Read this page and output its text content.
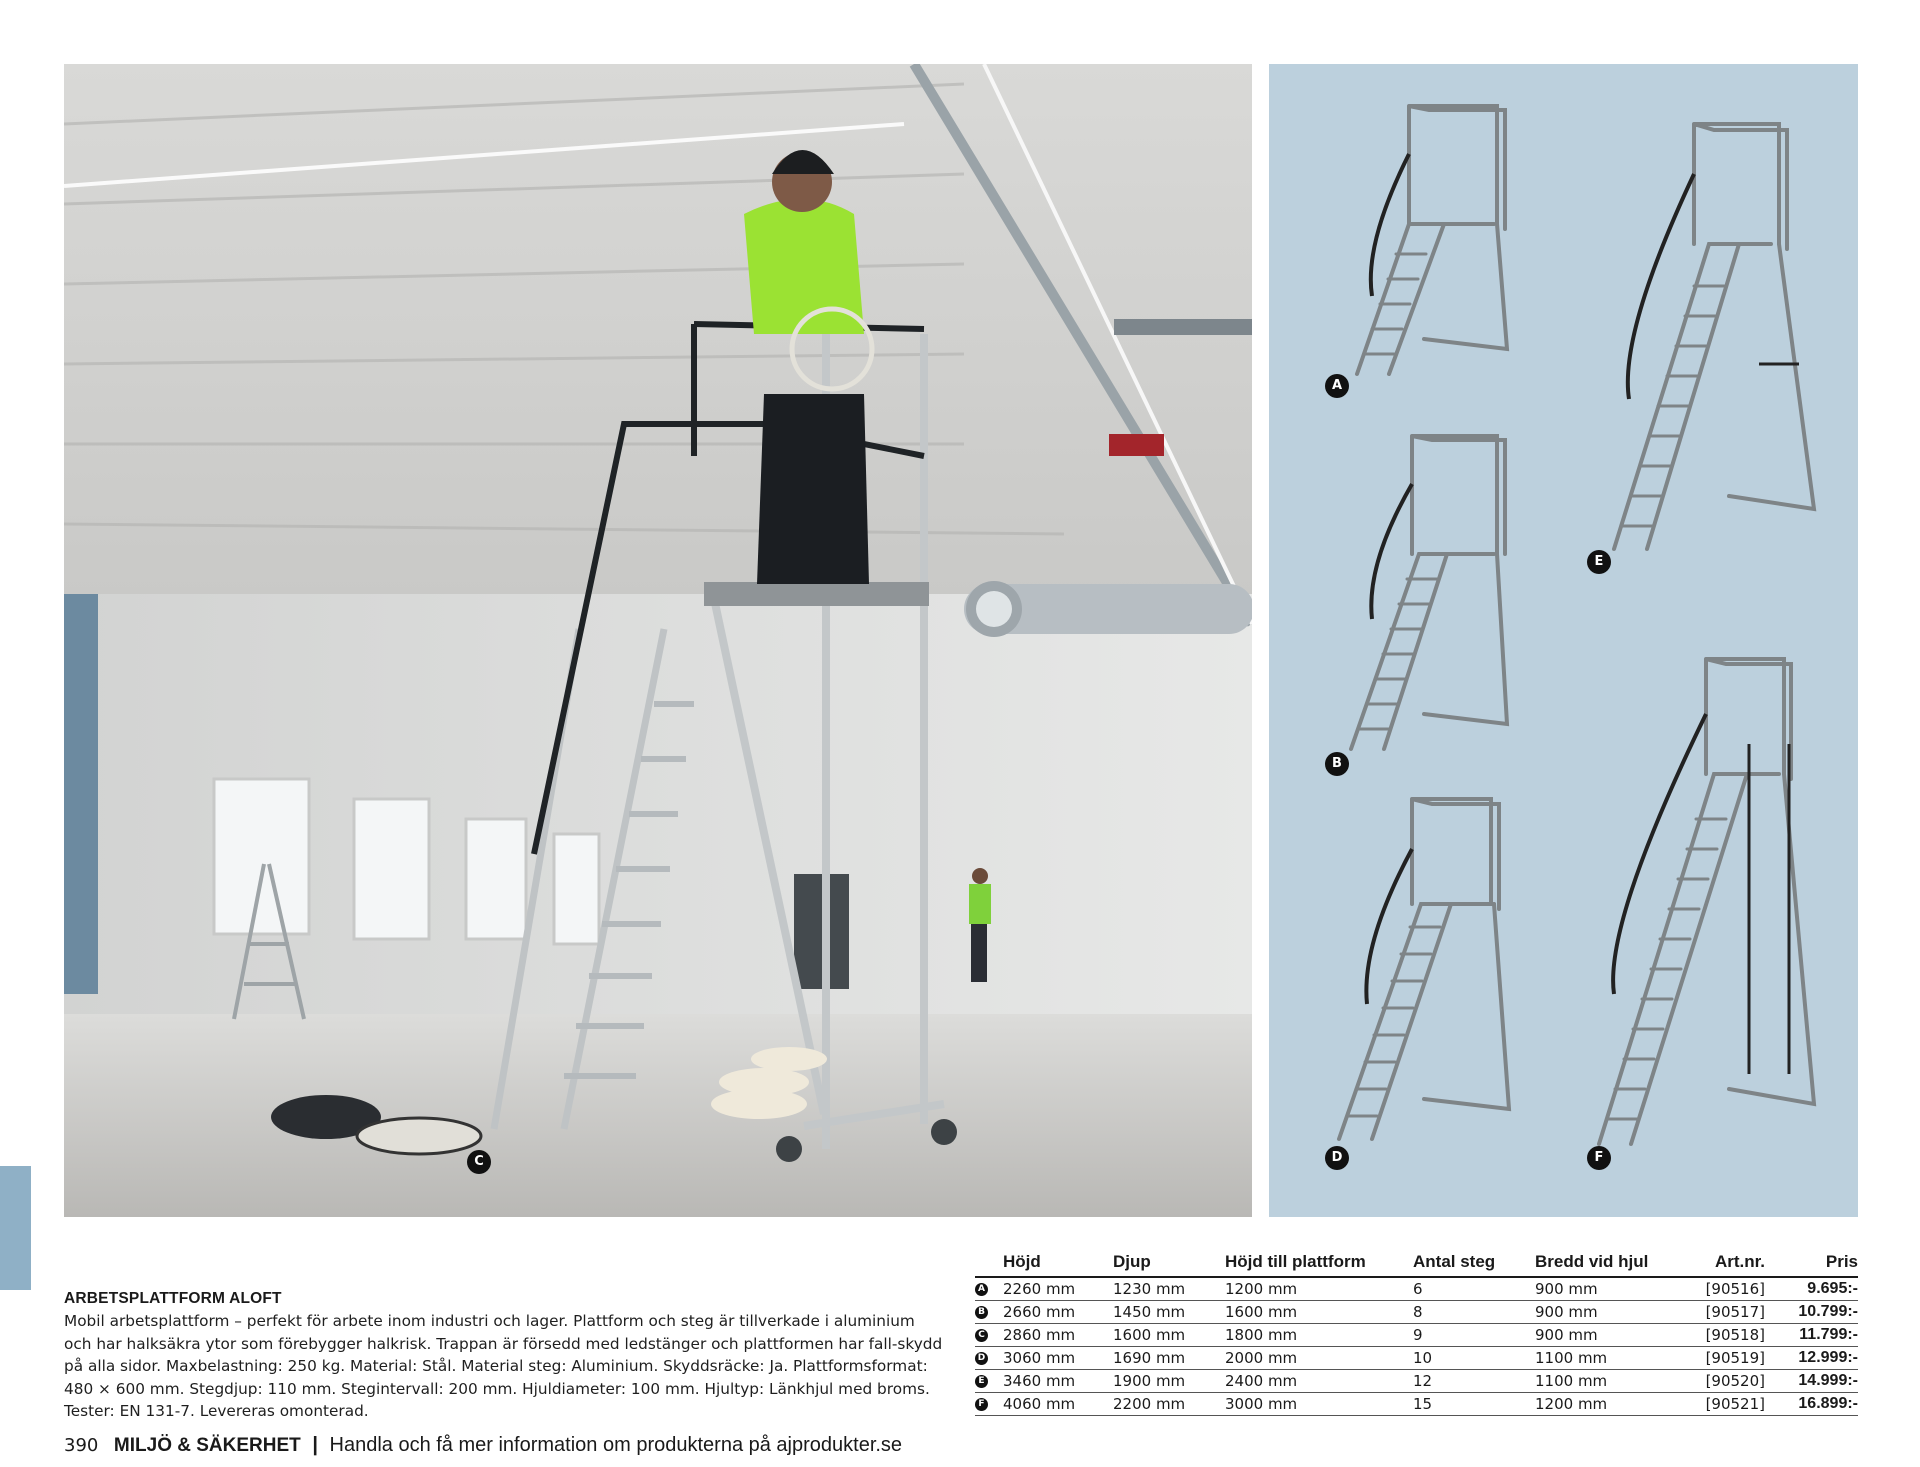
C
A
B
D
E
F
ARBETSPLATTFORM ALOFT

Mobil arbetsplattform – perfekt för arbete inom industri och lager. Plattform och steg är tillverkade i aluminium och har halksäkra ytor som förebygger halkrisk. Trappan är försedd med ledstänger och plattformen har fall-skydd på alla sidor. Maxbelastning: 250 kg. Material: Stål. Material steg: Aluminium. Skyddsräcke: Ja. Plattformsformat: 480 × 600 mm. Stegdjup: 110 mm. Stegintervall: 200 mm. Hjuldiameter: 100 mm. Hjultyp: Länkhjul med broms. Tester: EN 131-7. Levereras omonterad.

	Höjd	Djup	Höjd till plattform	Antal steg	Bredd vid hjul	Art.nr.	Pris
A	2260 mm	1230 mm	1200 mm	6	900 mm	[90516]	9.695:-
B	2660 mm	1450 mm	1600 mm	8	900 mm	[90517]	10.799:-
C	2860 mm	1600 mm	1800 mm	9	900 mm	[90518]	11.799:-
D	3060 mm	1690 mm	2000 mm	10	1100 mm	[90519]	12.999:-
E	3460 mm	1900 mm	2400 mm	12	1100 mm	[90520]	14.999:-
F	4060 mm	2200 mm	3000 mm	15	1200 mm	[90521]	16.899:-
390 MILJÖ & SÄKERHET | Handla och få mer information om produkterna på ajprodukter.se
